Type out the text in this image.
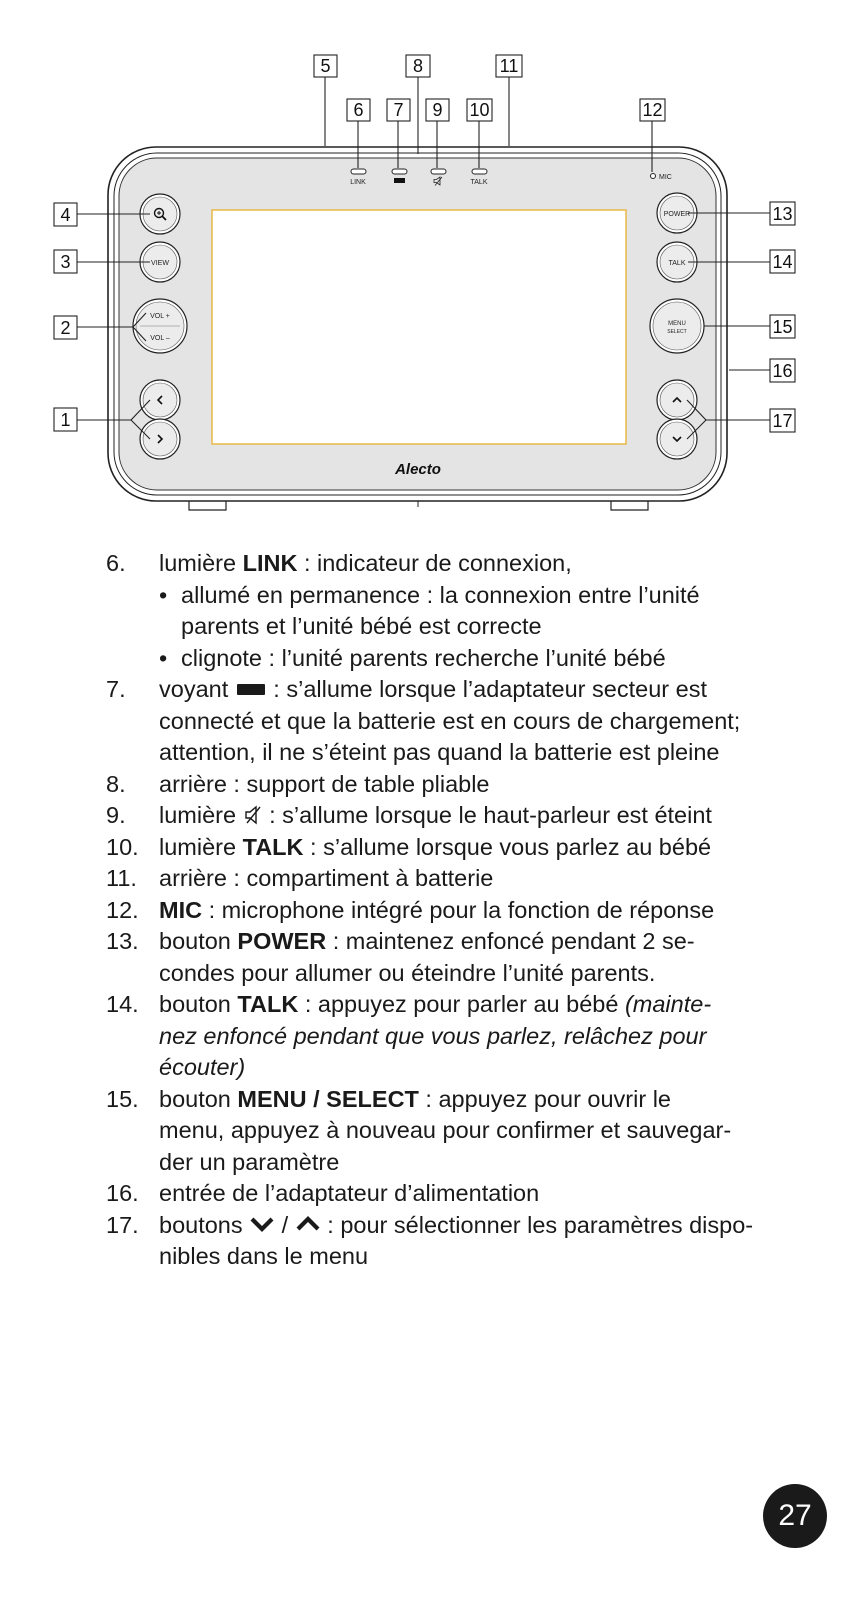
LINK	TALK
MIC
VIEW
VOL +
VOL –
POWER
TALK
MENU
SELECT
Alecto
1
2
3
4
5
6 7
8
9 10
11
12
13
14
15
16
17
6. lumière LINK : indicateur de connexion,
• allumé en permanence : la connexion entre l’unité
parents et l’unité bébé est correcte
• clignote : l’unité parents recherche l’unité bébé
7. voyant  : s’allume lorsque l’adaptateur secteur est
connecté et que la batterie est en cours de chargement;
attention, il ne s’éteint pas quand la batterie est pleine
8. arrière : support de table pliable
9. lumière  : s’allume lorsque le haut-parleur est éteint
10. lumière TALK : s’allume lorsque vous parlez au bébé
11. arrière : compartiment à batterie
12. MIC : microphone intégré pour la fonction de réponse
13. bouton POWER : maintenez enfoncé pendant 2 se-
condes pour allumer ou éteindre l’unité parents.
14. bouton TALK : appuyez pour parler au bébé (mainte-
nez enfoncé pendant que vous parlez, relâchez pour
écouter)
15. bouton MENU / SELECT : appuyez pour ouvrir le
menu, appuyez à nouveau pour confirmer et sauvegar-
der un paramètre
16. entrée de l’adaptateur d’alimentation
17. boutons  /  : pour sélectionner les paramètres dispo-
nibles dans le menu
27
